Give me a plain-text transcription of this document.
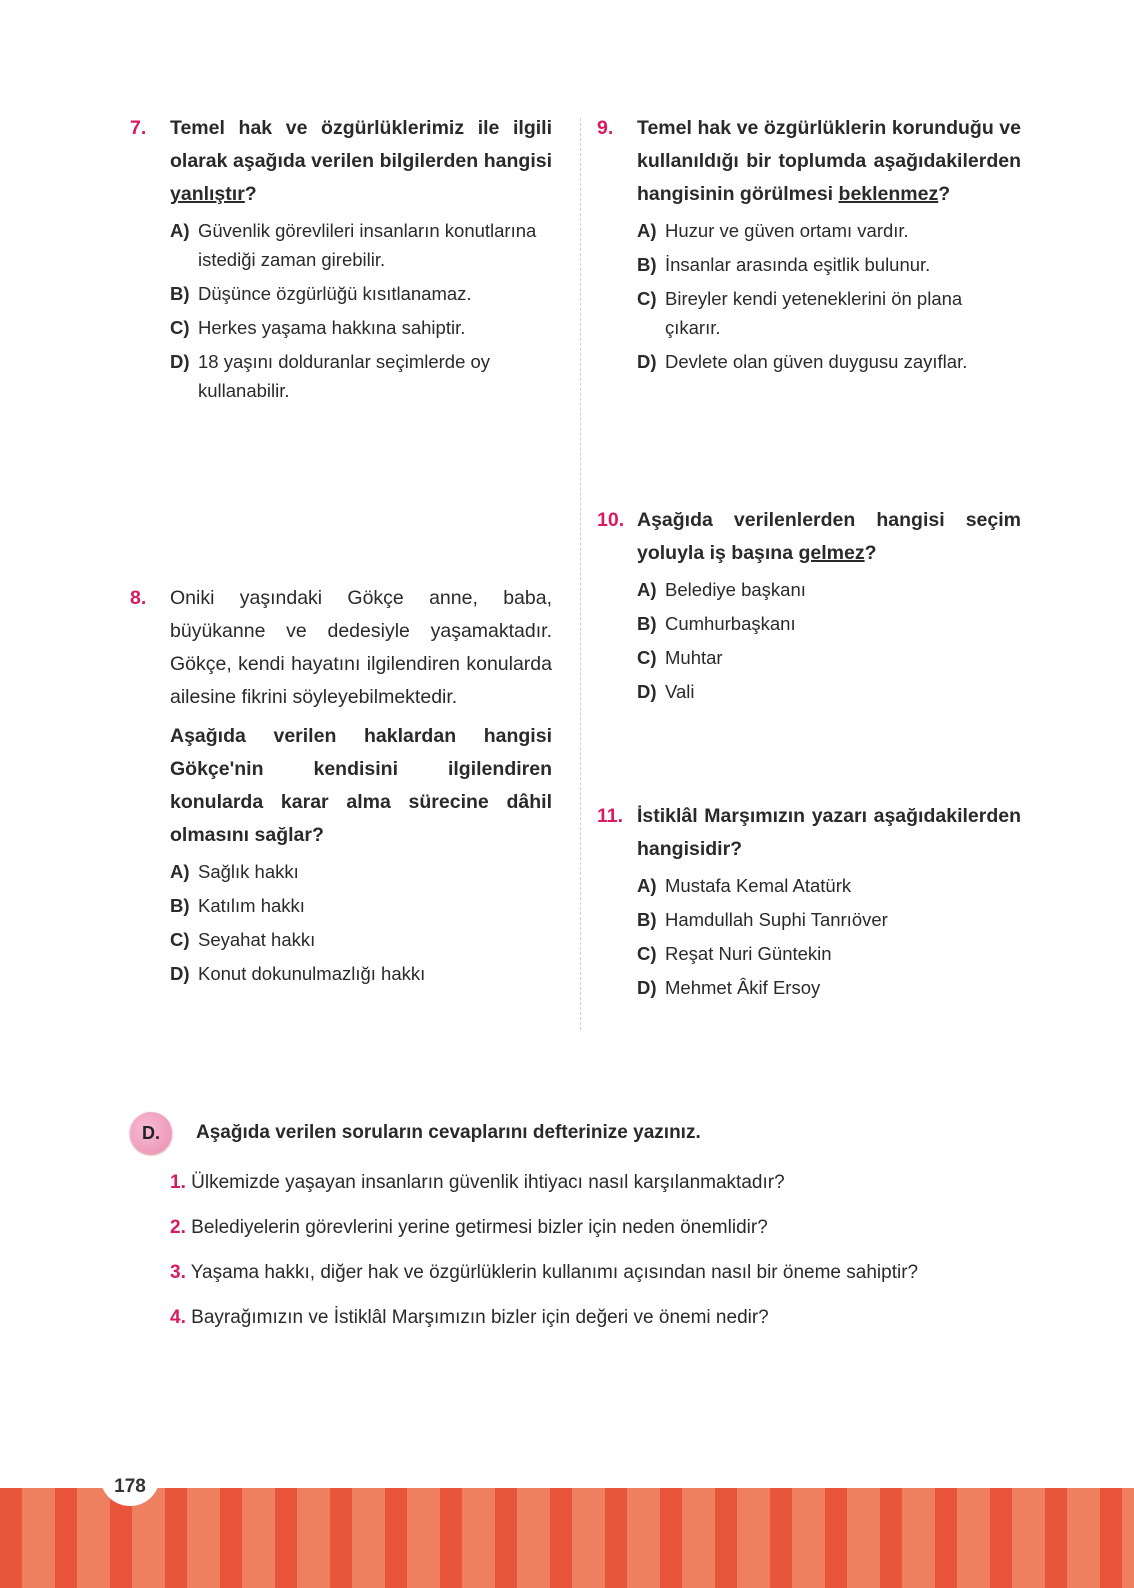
7.	Temel hak ve özgürlüklerimiz ile ilgili olarak aşağıda verilen bilgilerden hangisi yanlıştır?
A) Güvenlik görevlileri insanların konutlarına istediği zaman girebilir.
B) Düşünce özgürlüğü kısıtlanamaz.
C) Herkes yaşama hakkına sahiptir.
D) 18 yaşını dolduranlar seçimlerde oy kullanabilir.
8.	Oniki yaşındaki Gökçe anne, baba, büyükanne ve dedesiyle yaşamaktadır. Gökçe, kendi hayatını ilgilendiren konularda ailesine fikrini söyleyebilmektedir.
Aşağıda verilen haklardan hangisi Gökçe'nin kendisini ilgilendiren konularda karar alma sürecine dâhil olmasını sağlar?
A) Sağlık hakkı
B) Katılım hakkı
C) Seyahat hakkı
D) Konut dokunulmazlığı hakkı
9.	Temel hak ve özgürlüklerin korunduğu ve kullanıldığı bir toplumda aşağıdakilerden hangisinin görülmesi beklenmez?
A) Huzur ve güven ortamı vardır.
B) İnsanlar arasında eşitlik bulunur.
C) Bireyler kendi yeteneklerini ön plana çıkarır.
D) Devlete olan güven duygusu zayıflar.
10. Aşağıda verilenlerden hangisi seçim yoluyla iş başına gelmez?
A) Belediye başkanı
B) Cumhurbaşkanı
C) Muhtar
D) Vali
11. İstiklâl Marşımızın yazarı aşağıdakilerden hangisidir?
A) Mustafa Kemal Atatürk
B) Hamdullah Suphi Tanrıöver
C) Reşat Nuri Güntekin
D) Mehmet Âkif Ersoy
D.	Aşağıda verilen soruların cevaplarını defterinize yazınız.
1. Ülkemizde yaşayan insanların güvenlik ihtiyacı nasıl karşılanmaktadır?
2. Belediyelerin görevlerini yerine getirmesi bizler için neden önemlidir?
3. Yaşama hakkı, diğer hak ve özgürlüklerin kullanımı açısından nasıl bir öneme sahiptir?
4. Bayrağımızın ve İstiklâl Marşımızın bizler için değeri ve önemi nedir?
178
